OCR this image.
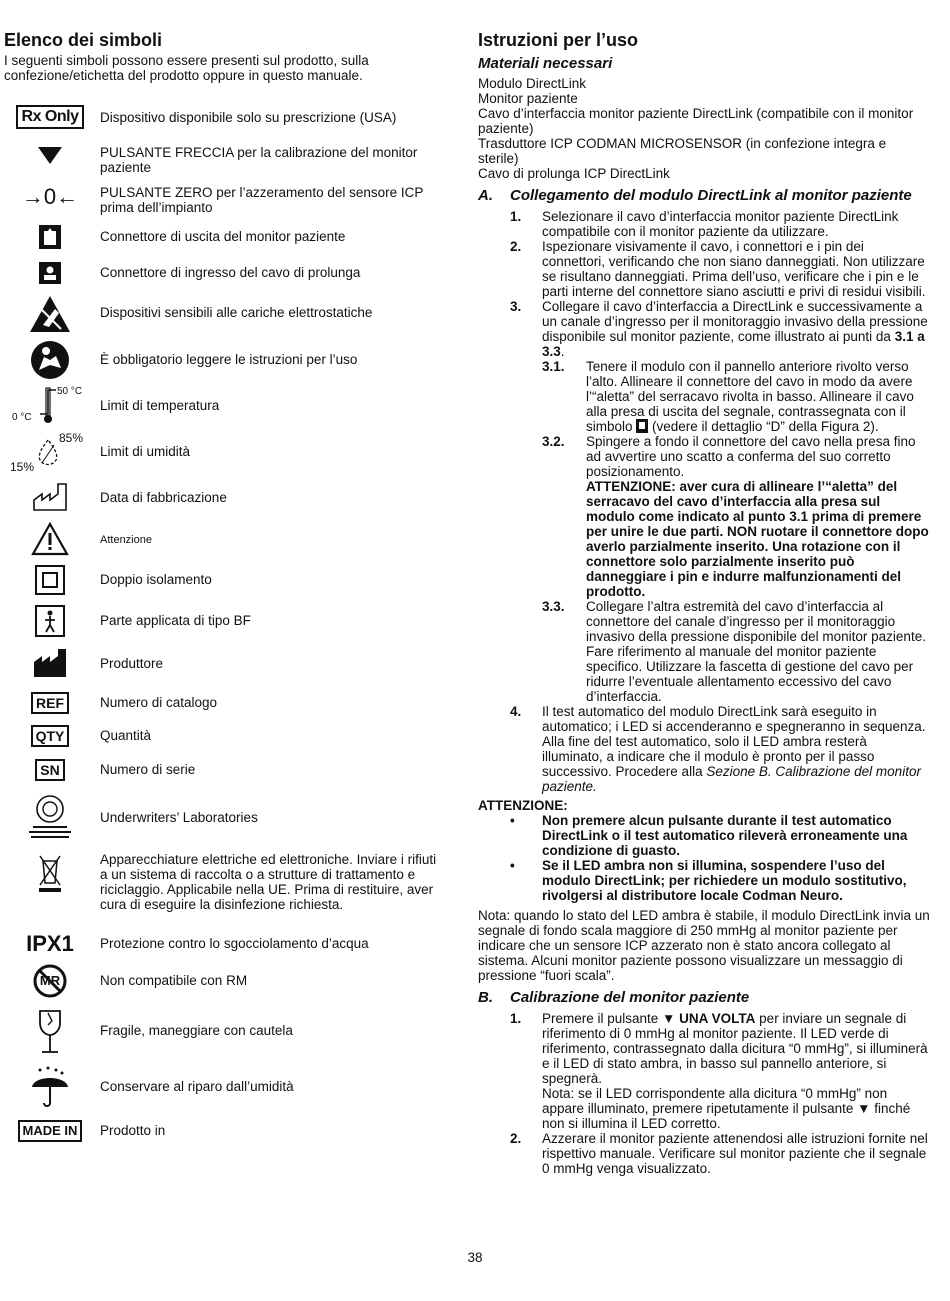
Elenco dei simboli

I seguenti simboli possono essere presenti sul prodotto, sulla confezione/etichetta del prodotto oppure in questo manuale.

Rx Only	Dispositivo disponibile solo su prescrizione (USA)
PULSANTE FRECCIA per la calibrazione del monitor paziente
→0←	PULSANTE ZERO per l’azzeramento del sensore ICP prima dell’impianto
Connettore di uscita del monitor paziente
Connettore di ingresso del cavo di prolunga
Dispositivi sensibili alle cariche elettrostatiche
È obbligatorio leggere le istruzioni per l’uso
50 °C
0 °C
Limit di temperatura
85%
15%
Limit di umidità
Data di fabbricazione
Attenzione
Doppio isolamento
Parte applicata di tipo BF
Produttore
REF	Numero di catalogo
QTY	Quantità
SN	Numero di serie
Underwriters’ Laboratories
Apparecchiature elettriche ed elettroniche. Inviare i rifiuti a un sistema di raccolta o a strutture di trattamento e riciclaggio. Applicabile nella UE. Prima di restituire, aver cura di eseguire la disinfezione richiesta.
IPX1	Protezione contro lo sgocciolamento d’acqua
MR	Non compatibile con RM
Fragile, maneggiare con cautela
Conservare al riparo dall’umidità
MADE IN	Prodotto in
Istruzioni per l’uso
Materiali necessari

Modulo DirectLink

Monitor paziente

Cavo d’interfaccia monitor paziente DirectLink (compatibile con il monitor paziente)

Trasduttore ICP CODMAN MICROSENSOR (in confezione integra e sterile)

Cavo di prolunga ICP DirectLink

A.	Collegamento del modulo DirectLink al monitor paziente
1.	Selezionare il cavo d’interfaccia monitor paziente DirectLink compatibile con il monitor paziente da utilizzare.
2.	Ispezionare visivamente il cavo, i connettori e i pin dei connettori, verificando che non siano danneggiati. Non utilizzare se risultano danneggiati. Prima dell’uso, verificare che i pin e le parti interne del connettore siano asciutti e privi di residui visibili.
3.	Collegare il cavo d’interfaccia a DirectLink e successivamente a un canale d’ingresso per il monitoraggio invasivo della pressione disponibile sul monitor paziente, come illustrato ai punti da 3.1 a 3.3.
3.1.	Tenere il modulo con il pannello anteriore rivolto verso l’alto. Allineare il connettore del cavo in modo da avere l’“aletta” del serracavo rivolta in basso. Allineare il cavo alla presa di uscita del segnale, contrassegnata con il simbolo  (vedere il dettaglio “D” della Figura 2).
3.2.	Spingere a fondo il connettore del cavo nella presa fino ad avvertire uno scatto a conferma del suo corretto posizionamento.
ATTENZIONE: aver cura di allineare l’“aletta” del serracavo del cavo d’interfaccia alla presa sul modulo come indicato al punto 3.1 prima di premere per unire le due parti. NON ruotare il connettore dopo averlo parzialmente inserito. Una rotazione con il connettore solo parzialmente inserito può danneggiare i pin e indurre malfunzionamenti del prodotto.
3.3.	Collegare l’altra estremità del cavo d’interfaccia al connettore del canale d’ingresso per il monitoraggio invasivo della pressione disponibile del monitor paziente. Fare riferimento al manuale del monitor paziente specifico. Utilizzare la fascetta di gestione del cavo per ridurre l’eventuale allentamento eccessivo del cavo d’interfaccia.
4.	Il test automatico del modulo DirectLink sarà eseguito in automatico; i LED si accenderanno e spegneranno in sequenza. Alla fine del test automatico, solo il LED ambra resterà illuminato, a indicare che il modulo è pronto per il passo successivo. Procedere alla Sezione B. Calibrazione del monitor paziente.

ATTENZIONE:

•	Non premere alcun pulsante durante il test automatico DirectLink o il test automatico rileverà erroneamente una condizione di guasto.
•	Se il LED ambra non si illumina, sospendere l’uso del modulo DirectLink; per richiedere un modulo sostitutivo, rivolgersi al distributore locale Codman Neuro.

Nota: quando lo stato del LED ambra è stabile, il modulo DirectLink invia un segnale di fondo scala maggiore di 250 mmHg al monitor paziente per indicare che un sensore ICP azzerato non è stato ancora collegato al sistema. Alcuni monitor paziente possono visualizzare un messaggio di pressione “fuori scala”.

B.	Calibrazione del monitor paziente
1.	Premere il pulsante ▼ UNA VOLTA per inviare un segnale di riferimento di 0 mmHg al monitor paziente. Il LED verde di riferimento, contrassegnato dalla dicitura “0 mmHg”, si illuminerà e il LED di stato ambra, in basso sul pannello anteriore, si spegnerà.
Nota: se il LED corrispondente alla dicitura “0 mmHg” non appare illuminato, premere ripetutamente il pulsante ▼ finché non si illumina il LED corretto.
2.	Azzerare il monitor paziente attenendosi alle istruzioni fornite nel rispettivo manuale. Verificare sul monitor paziente che il segnale 0 mmHg venga visualizzato.
38
